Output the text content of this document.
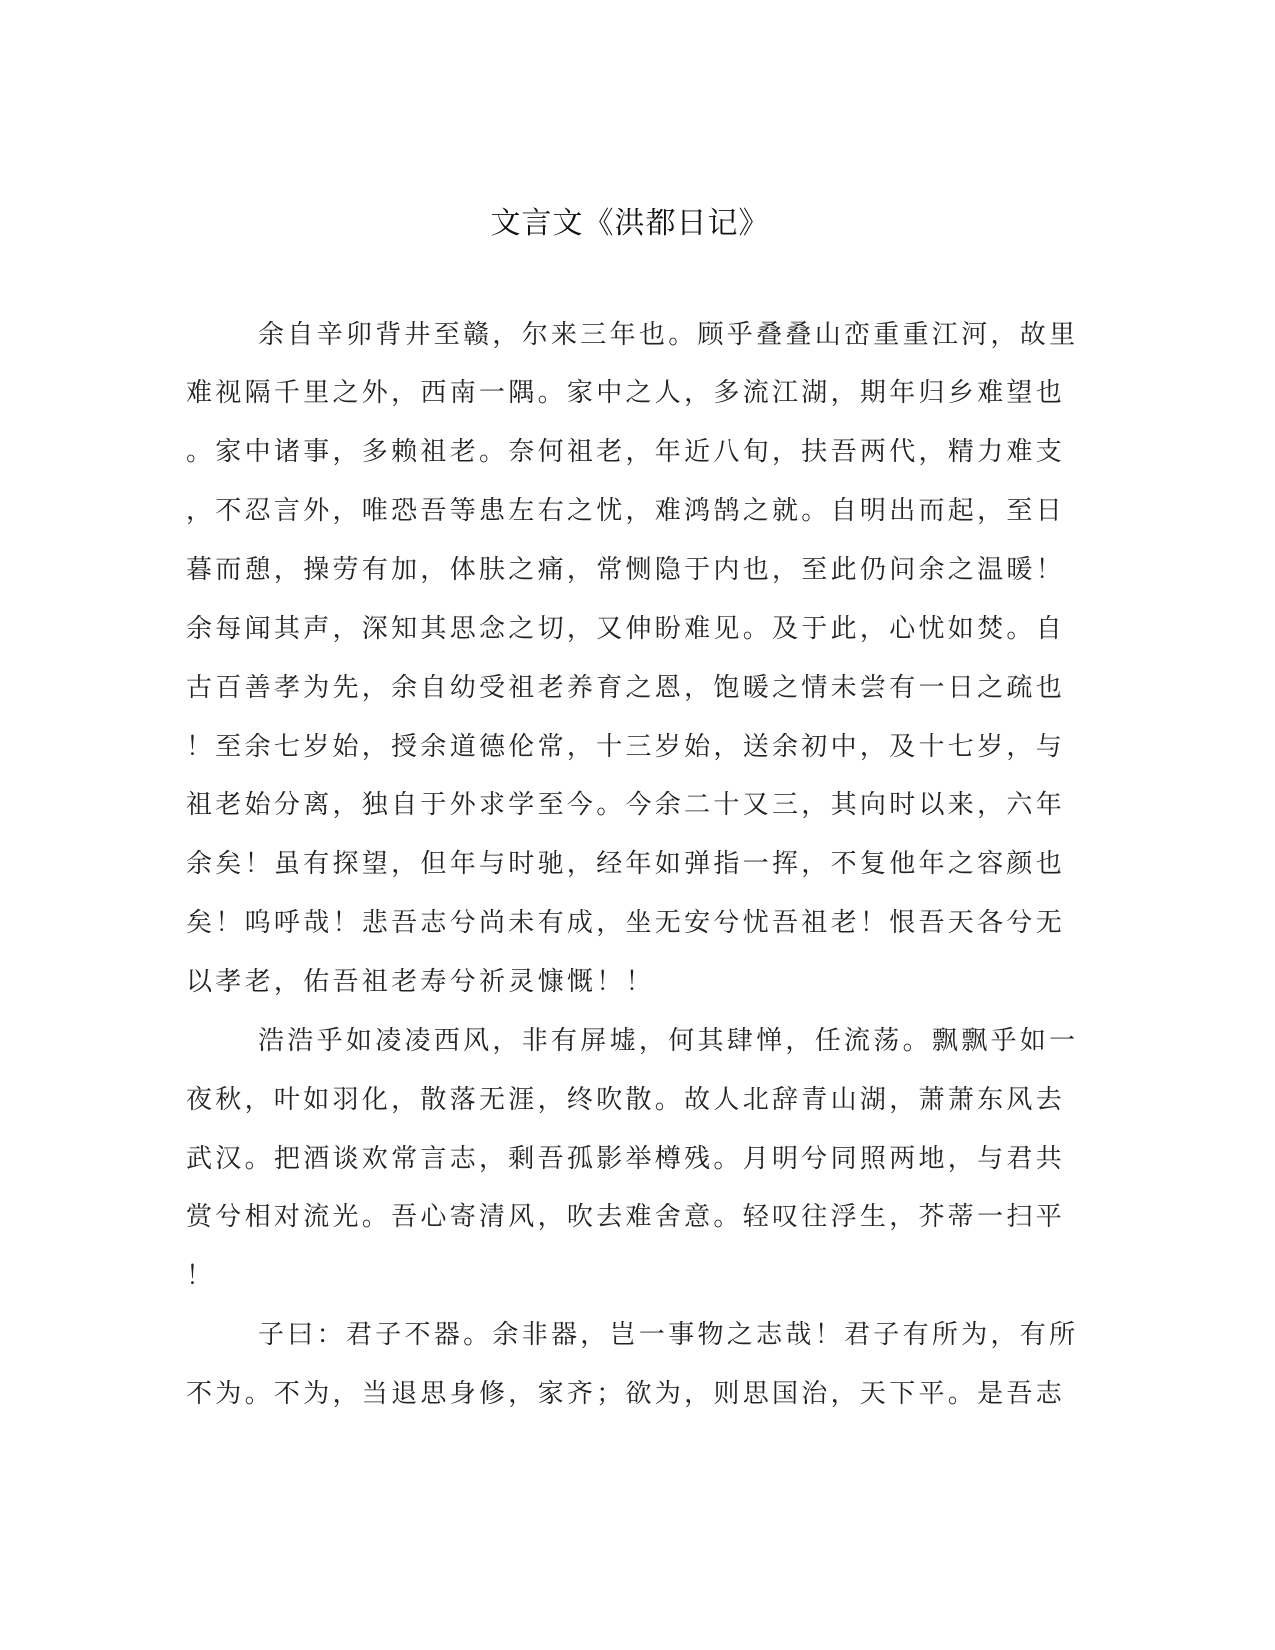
文言文《洪都日记》

余自辛卯背井至赣，尔来三年也。顾乎叠叠山峦重重江河，故里

难视隔千里之外，西南一隅。家中之人，多流江湖，期年归乡难望也

。家中诸事，多赖祖老。奈何祖老，年近八旬，扶吾两代，精力难支

，不忍言外，唯恐吾等患左右之忧，难鸿鹄之就。自明出而起，至日

暮而憩，操劳有加，体肤之痛，常恻隐于内也，至此仍问余之温暖！

余每闻其声，深知其思念之切，又伸盼难见。及于此，心忧如焚。自

古百善孝为先，余自幼受祖老养育之恩，饱暖之情未尝有一日之疏也

！至余七岁始，授余道德伦常，十三岁始，送余初中，及十七岁，与

祖老始分离，独自于外求学至今。今余二十又三，其向时以来，六年

余矣！虽有探望，但年与时驰，经年如弹指一挥，不复他年之容颜也

矣！呜呼哉！悲吾志兮尚未有成，坐无安兮忧吾祖老！恨吾天各兮无

以孝老，佑吾祖老寿兮祈灵慷慨！！

浩浩乎如凌凌西风，非有屏墟，何其肆惮，任流荡。飘飘乎如一

夜秋，叶如羽化，散落无涯，终吹散。故人北辞青山湖，萧萧东风去

武汉。把酒谈欢常言志，剩吾孤影举樽残。月明兮同照两地，与君共

赏兮相对流光。吾心寄清风，吹去难舍意。轻叹往浮生，芥蒂一扫平

！

子曰：君子不器。余非器，岂一事物之志哉！君子有所为，有所

不为。不为，当退思身修，家齐；欲为，则思国治，天下平。是吾志
